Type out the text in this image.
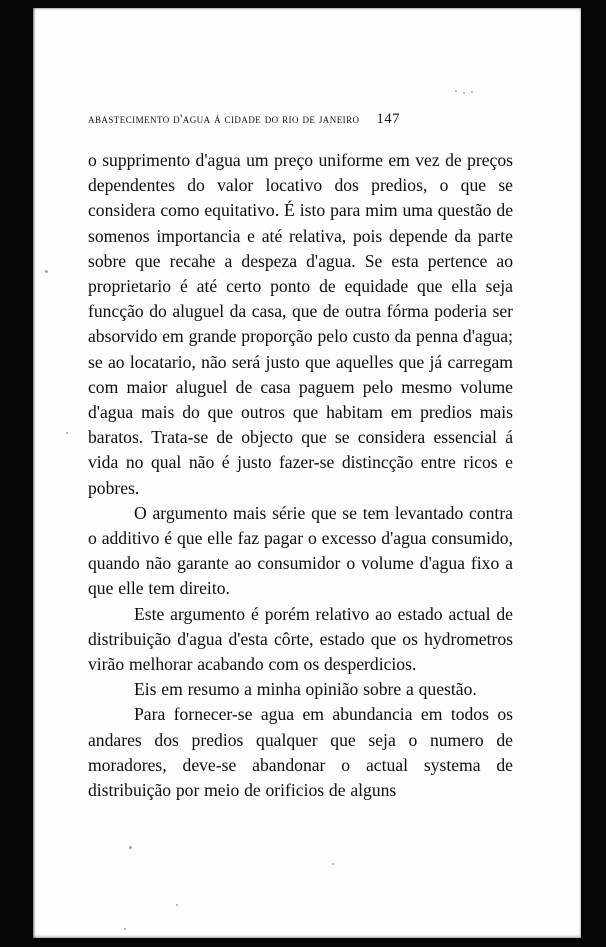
abastecimento d'agua á cidade do rio de janeiro 147

o supprimento d'agua um preço uniforme em vez de preços dependentes do valor locativo dos predios, o que se considera como equitativo. É isto para mim uma questão de somenos importancia e até relativa, pois depende da parte sobre que recahe a despeza d'agua. Se esta pertence ao proprietario é até certo ponto de equidade que ella seja funcção do aluguel da casa, que de outra fórma poderia ser absorvido em grande proporção pelo custo da penna d'agua; se ao locatario, não será justo que aquelles que já carregam com maior aluguel de casa paguem pelo mesmo volume d'agua mais do que outros que habitam em predios mais baratos. Trata-se de objecto que se considera essencial á vida no qual não é justo fazer-se distincção entre ricos e pobres.

O argumento mais série que se tem levantado contra o additivo é que elle faz pagar o excesso d'agua consumido, quando não garante ao consumidor o volume d'agua fixo a que elle tem direito.

Este argumento é porém relativo ao estado actual de distribuição d'agua d'esta côrte, estado que os hydrometros virão melhorar acabando com os desperdicios.

Eis em resumo a minha opinião sobre a questão.

Para fornecer-se agua em abundancia em todos os andares dos predios qualquer que seja o numero de moradores, deve-se abandonar o actual systema de distribuição por meio de orificios de alguns
